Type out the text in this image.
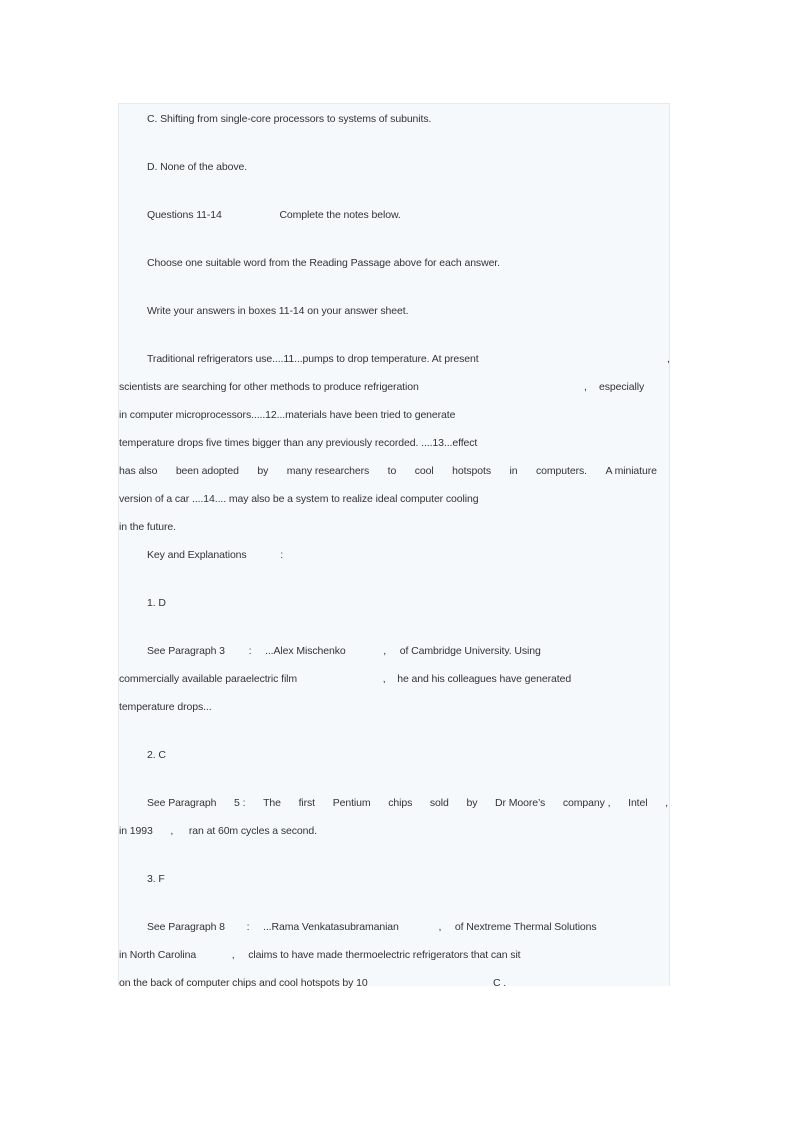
C. Shifting from single-core processors to systems of subunits.
D. None of the above.
Questions 11-14	Complete the notes below.
Choose one suitable word from the Reading Passage above for each answer.
Write your answers in boxes 11-14 on your answer sheet.
Traditional refrigerators use....11...pumps to drop temperature. At present	,
scientists are searching for other methods to produce refrigeration	, especially
in computer microprocessors.....12...materials have been tried to generate
temperature drops five times bigger than any previously recorded. ....13...effect
has also been adopted by many researchers to cool hotspots in computers. A miniature
version of a car ....14.... may also be a system to realize ideal computer cooling
in the future.
Key and Explanations	:
1. D
See Paragraph 3 : ...Alex Mischenko	, of Cambridge University. Using
commercially available paraelectric film	, he and his colleagues have generated
temperature drops...
2. C
See Paragraph 5 : The first Pentium chips sold by Dr Moore’s company , Intel ,
in 1993 , ran at 60m cycles a second.
3. F
See Paragraph 8 : ...Rama Venkatasubramanian	, of Nextreme Thermal Solutions
in North Carolina	, claims to have made thermoelectric refrigerators that can sit
on the back of computer chips and cool hotspots by 10	C .
